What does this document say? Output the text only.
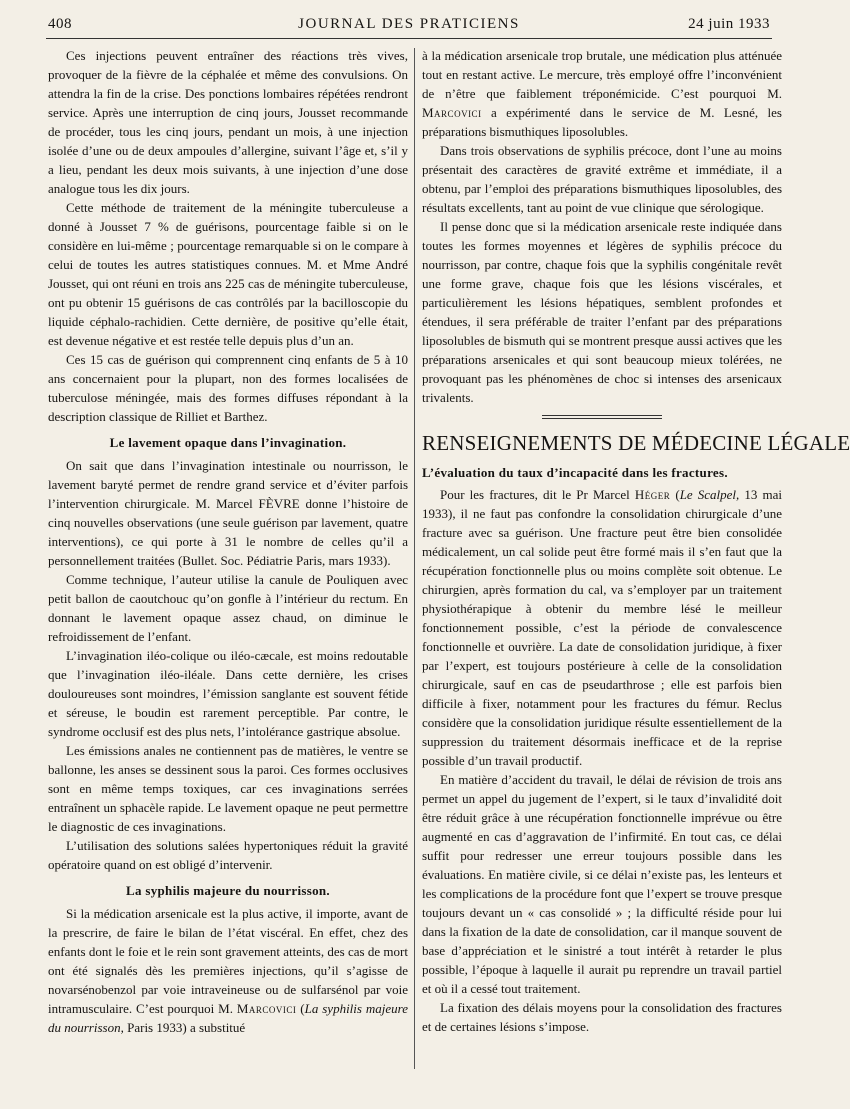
408	JOURNAL DES PRATICIENS	24 juin 1933

Ces injections peuvent entraîner des réactions très vives, provoquer de la fièvre de la céphalée et même des convulsions. On attendra la fin de la crise. Des ponctions lombaires répétées rendront service. Après une interruption de cinq jours, Jousset recommande de procéder, tous les cinq jours, pendant un mois, à une injection isolée d’une ou de deux ampoules d’allergine, suivant l’âge et, s’il y a lieu, pendant les deux mois suivants, à une injection d’une dose analogue tous les dix jours.

Cette méthode de traitement de la méningite tuberculeuse a donné à Jousset 7 % de guérisons, pourcentage faible si on le considère en lui-même ; pourcentage remarquable si on le compare à celui de toutes les autres statistiques connues. M. et Mme André Jousset, qui ont réuni en trois ans 225 cas de méningite tuberculeuse, ont pu obtenir 15 guérisons de cas contrôlés par la bacilloscopie du liquide céphalo-rachidien. Cette dernière, de positive qu’elle était, est devenue négative et est restée telle depuis plus d’un an.

Ces 15 cas de guérison qui comprennent cinq enfants de 5 à 10 ans concernaient pour la plupart, non des formes localisées de tuberculose méningée, mais des formes diffuses répondant à la description classique de Rilliet et Barthez.

Le lavement opaque dans l’invagination.

On sait que dans l’invagination intestinale ou nourrisson, le lavement baryté permet de rendre grand service et d’éviter parfois l’intervention chirurgicale. M. Marcel FÈVRE donne l’histoire de cinq nouvelles observations (une seule guérison par lavement, quatre interventions), ce qui porte à 31 le nombre de celles qu’il a personnellement traitées (Bullet. Soc. Pédiatrie Paris, mars 1933).

Comme technique, l’auteur utilise la canule de Pouliquen avec petit ballon de caoutchouc qu’on gonfle à l’intérieur du rectum. En donnant le lavement opaque assez chaud, on diminue le refroidissement de l’enfant.

L’invagination iléo-colique ou iléo-cæcale, est moins redoutable que l’invagination iléo-iléale. Dans cette dernière, les crises douloureuses sont moindres, l’émission sanglante est souvent fétide et séreuse, le boudin est rarement perceptible. Par contre, le syndrome occlusif est des plus nets, l’intolérance gastrique absolue.

Les émissions anales ne contiennent pas de matières, le ventre se ballonne, les anses se dessinent sous la paroi. Ces formes occlusives sont en même temps toxiques, car ces invaginations serrées entraînent un sphacèle rapide. Le lavement opaque ne peut permettre le diagnostic de ces invaginations.

L’utilisation des solutions salées hypertoniques réduit la gravité opératoire quand on est obligé d’intervenir.

La syphilis majeure du nourrisson.

Si la médication arsenicale est la plus active, il importe, avant de la prescrire, de faire le bilan de l’état viscéral. En effet, chez des enfants dont le foie et le rein sont gravement atteints, des cas de mort ont été signalés dès les premières injections, qu’il s’agisse de novarsénobenzol par voie intraveineuse ou de sulfarsénol par voie intramusculaire. C’est pourquoi M. Marcovici (La syphilis majeure du nourrisson, Paris 1933) a substitué

à la médication arsenicale trop brutale, une médication plus atténuée tout en restant active. Le mercure, très employé offre l’inconvénient de n’être que faiblement tréponémicide. C’est pourquoi M. Marcovici a expérimenté dans le service de M. Lesné, les préparations bismuthiques liposolubles.

Dans trois observations de syphilis précoce, dont l’une au moins présentait des caractères de gravité extrême et immédiate, il a obtenu, par l’emploi des préparations bismuthiques liposolubles, des résultats excellents, tant au point de vue clinique que sérologique.

Il pense donc que si la médication arsenicale reste indiquée dans toutes les formes moyennes et légères de syphilis précoce du nourrisson, par contre, chaque fois que la syphilis congénitale revêt une forme grave, chaque fois que les lésions viscérales, et particulièrement les lésions hépatiques, semblent profondes et étendues, il sera préférable de traiter l’enfant par des préparations liposolubles de bismuth qui se montrent presque aussi actives que les préparations arsenicales et qui sont beaucoup mieux tolérées, ne provoquant pas les phénomènes de choc si intenses des arsenicaux trivalents.

RENSEIGNEMENTS DE MÉDECINE LÉGALE
L’évaluation du taux d’incapacité dans les fractures.

Pour les fractures, dit le Pr Marcel Héger (Le Scalpel, 13 mai 1933), il ne faut pas confondre la consolidation chirurgicale d’une fracture avec sa guérison. Une fracture peut être bien consolidée médicalement, un cal solide peut être formé mais il s’en faut que la récupération fonctionnelle plus ou moins complète soit obtenue. Le chirurgien, après formation du cal, va s’employer par un traitement physiothérapique à obtenir du membre lésé le meilleur fonctionnement possible, c’est la période de convalescence fonctionnelle et ouvrière. La date de consolidation juridique, à fixer par l’expert, est toujours postérieure à celle de la consolidation chirurgicale, sauf en cas de pseudarthrose ; elle est parfois bien difficile à fixer, notamment pour les fractures du fémur. Reclus considère que la consolidation juridique résulte essentiellement de la suppression du traitement désormais inefficace et de la reprise possible d’un travail productif.

En matière d’accident du travail, le délai de révision de trois ans permet un appel du jugement de l’expert, si le taux d’invalidité doit être réduit grâce à une récupération fonctionnelle imprévue ou être augmenté en cas d’aggravation de l’infirmité. En tout cas, ce délai suffit pour redresser une erreur toujours possible dans les évaluations. En matière civile, si ce délai n’existe pas, les lenteurs et les complications de la procédure font que l’expert se trouve presque toujours devant un « cas consolidé » ; la difficulté réside pour lui dans la fixation de la date de consolidation, car il manque souvent de base d’appréciation et le sinistré a tout intérêt à retarder le plus possible, l’époque à laquelle il aurait pu reprendre un travail partiel et où il a cessé tout traitement.

La fixation des délais moyens pour la consolidation des fractures et de certaines lésions s’impose.
